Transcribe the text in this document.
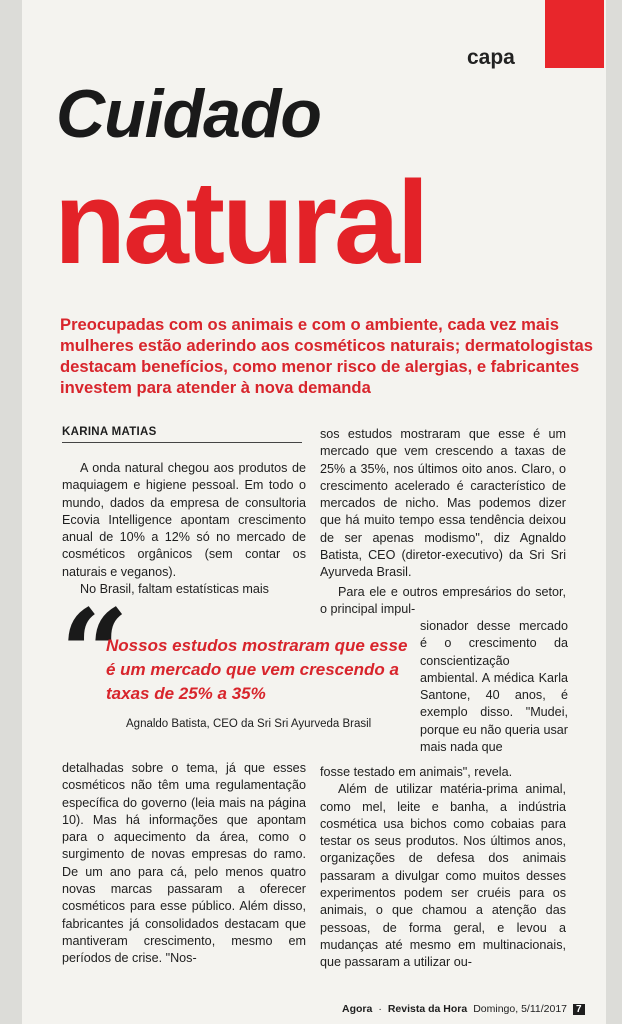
capa
Cuidado
natural
Preocupadas com os animais e com o ambiente, cada vez mais mulheres estão aderindo aos cosméticos naturais; dermatologistas destacam benefícios, como menor risco de alergias, e fabricantes investem para atender à nova demanda
KARINA MATIAS

A onda natural chegou aos produtos de maquiagem e higiene pessoal. Em todo o mundo, dados da empresa de consultoria Ecovia Intelligence apontam crescimento anual de 10% a 12% só no mercado de cosméticos orgânicos (sem contar os naturais e veganos).

No Brasil, faltam estatísticas mais

“
Nossos estudos mostraram que esse é um mercado que vem crescendo a taxas de 25% a 35%
Agnaldo Batista, CEO da Sri Sri Ayurveda Brasil

detalhadas sobre o tema, já que esses cosméticos não têm uma regulamentação específica do governo (leia mais na página 10). Mas há informações que apontam para o aquecimento da área, como o surgimento de novas empresas do ramo. De um ano para cá, pelo menos quatro novas marcas passaram a oferecer cosméticos para esse público. Além disso, fabricantes já consolidados destacam que mantiveram crescimento, mesmo em períodos de crise. "Nos-

sos estudos mostraram que esse é um mercado que vem crescendo a taxas de 25% a 35%, nos últimos oito anos. Claro, o crescimento acelerado é característico de mercados de nicho. Mas podemos dizer que há muito tempo essa tendência deixou de ser apenas modismo", diz Agnaldo Batista, CEO (diretor-executivo) da Sri Sri Ayurveda Brasil.

Para ele e outros empresários do setor, o principal impul-

sionador desse mercado é o crescimento da conscientização ambiental. A médica Karla Santone, 40 anos, é exemplo disso. "Mudei, porque eu não queria usar mais nada que

fosse testado em animais", revela.

Além de utilizar matéria-prima animal, como mel, leite e banha, a indústria cosmética usa bichos como cobaias para testar os seus produtos. Nos últimos anos, organizações de defesa dos animais passaram a divulgar como muitos desses experimentos podem ser cruéis para os animais, o que chamou a atenção das pessoas, de forma geral, e levou a mudanças até mesmo em multinacionais, que passaram a utilizar ou-

Agora · Revista da Hora Domingo, 5/11/2017 7
